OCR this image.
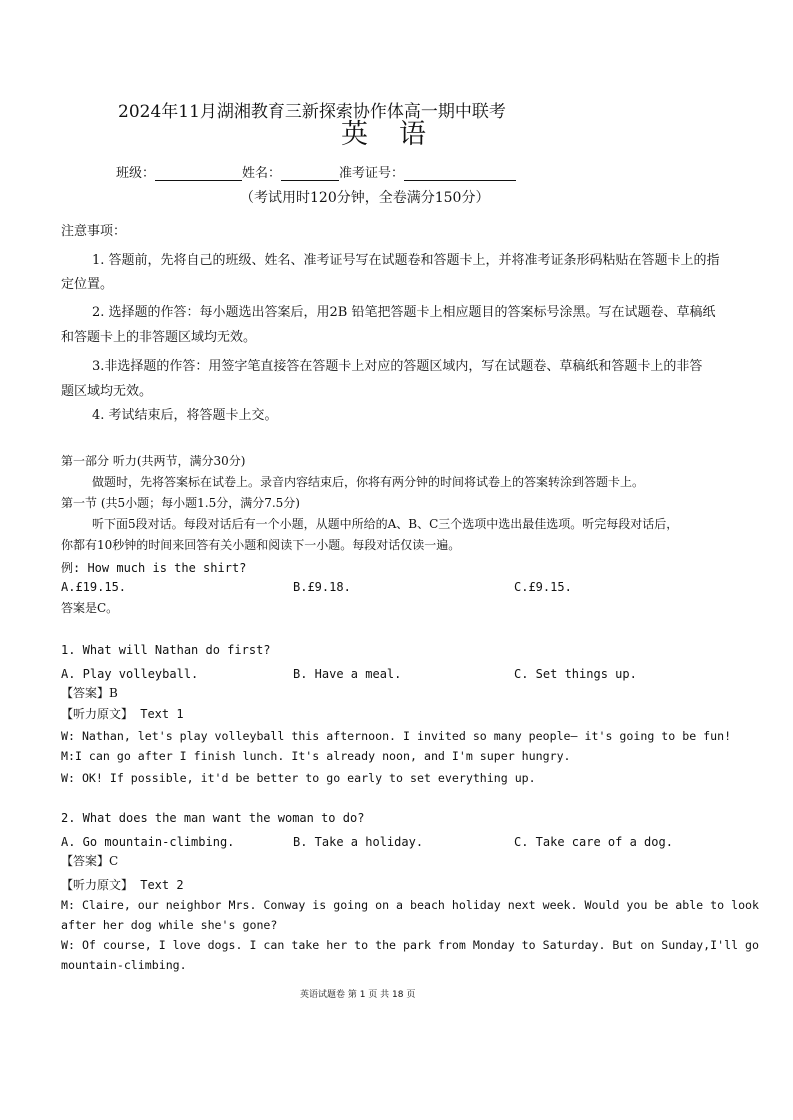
2024年11月湖湘教育三新探索协作体高一期中联考
英　语
班级：	姓名：	准考证号：
（考试用时120分钟，全卷满分150分）
注意事项：
1. 答题前，先将自己的班级、姓名、准考证号写在试题卷和答题卡上，并将准考证条形码粘贴在答题卡上的指
定位置。
2. 选择题的作答：每小题选出答案后，用2B 铅笔把答题卡上相应题目的答案标号涂黑。写在试题卷、草稿纸
和答题卡上的非答题区域均无效。
3.非选择题的作答：用签字笔直接答在答题卡上对应的答题区域内，写在试题卷、草稿纸和答题卡上的非答
题区域均无效。
4. 考试结束后，将答题卡上交。
第一部分 听力(共两节，满分30分)
做题时，先将答案标在试卷上。录音内容结束后，你将有两分钟的时间将试卷上的答案转涂到答题卡上。
第一节 (共5小题；每小题1.5分，满分7.5分)
听下面5段对话。每段对话后有一个小题，从题中所给的A、B、C三个选项中选出最佳选项。听完每段对话后，
你都有10秒钟的时间来回答有关小题和阅读下一小题。每段对话仅读一遍。
例: How much is the shirt?
A.£19.15.	B.£9.18.	C.£9.15.
答案是C。
1. What will Nathan do first?
A. Play volleyball.	B. Have a meal.	C. Set things up.
【答案】B
【听力原文】 Text 1
W: Nathan, let's play volleyball this afternoon. I invited so many people— it's going to be fun!
M:I can go after I finish lunch. It's already noon, and I'm super hungry.
W: OK! If possible, it'd be better to go early to set everything up.
2. What does the man want the woman to do?
A. Go mountain-climbing.	B. Take a holiday.	C. Take care of a dog.
【答案】C
【听力原文】 Text 2
M: Claire, our neighbor Mrs. Conway is going on a beach holiday next week. Would you be able to look
after her dog while she's gone?
W: Of course, I love dogs. I can take her to the park from Monday to Saturday. But on Sunday,I'll go
mountain-climbing.
英语试题卷 第 1 页 共 18 页
